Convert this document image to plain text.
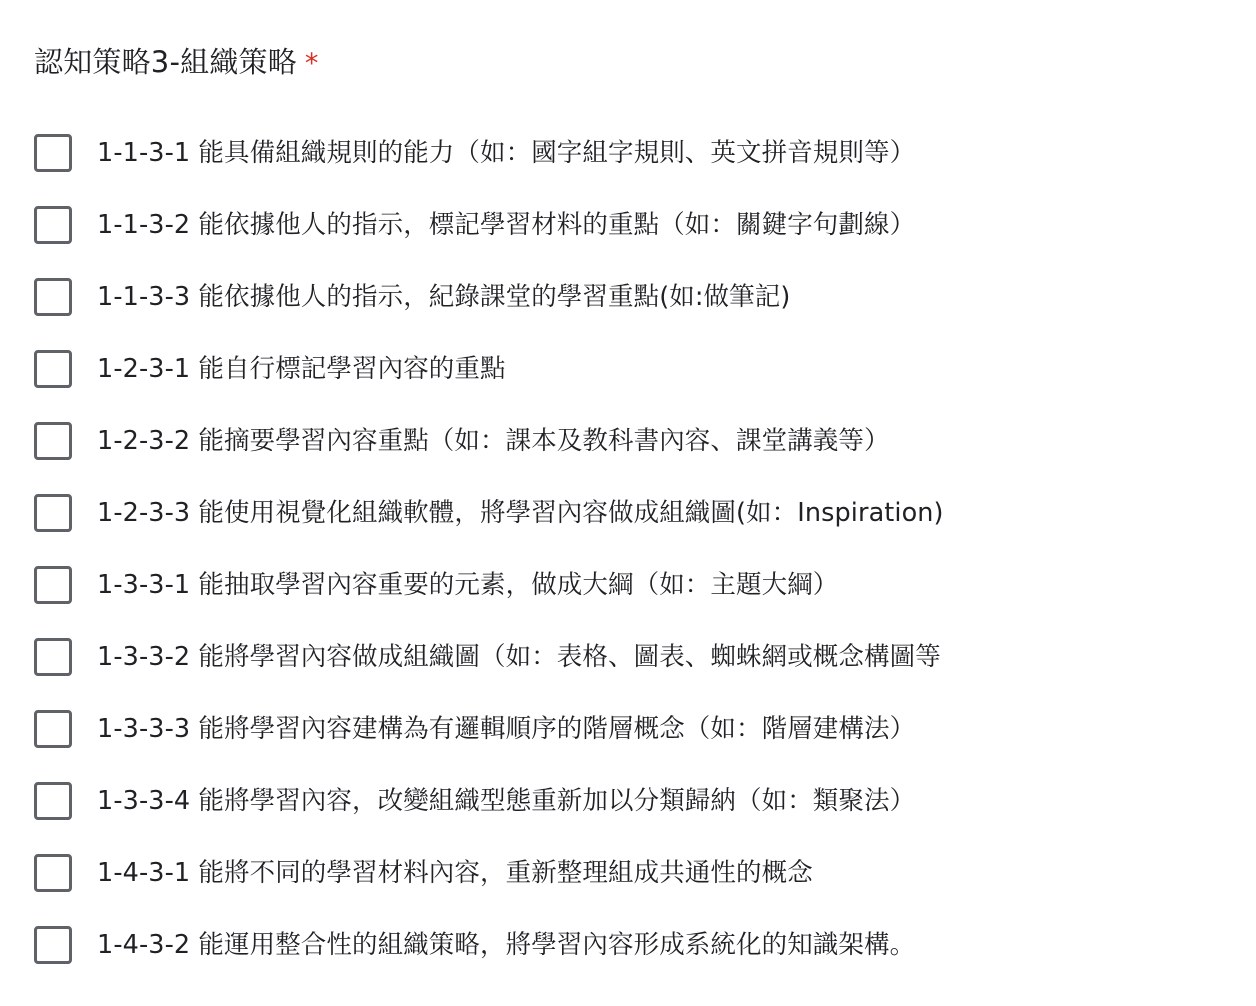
認知策略3-組織策略 *
1-1-3-1 能具備組織規則的能力（如：國字組字規則、英文拼音規則等）
1-1-3-2 能依據他人的指示，標記學習材料的重點（如：關鍵字句劃線）
1-1-3-3 能依據他人的指示，紀錄課堂的學習重點(如:做筆記)
1-2-3-1 能自行標記學習內容的重點
1-2-3-2 能摘要學習內容重點（如：課本及教科書內容、課堂講義等）
1-2-3-3 能使用視覺化組織軟體，將學習內容做成組織圖(如：Inspiration)
1-3-3-1 能抽取學習內容重要的元素，做成大綱（如：主題大綱）
1-3-3-2 能將學習內容做成組織圖（如：表格、圖表、蜘蛛網或概念構圖等
1-3-3-3 能將學習內容建構為有邏輯順序的階層概念（如：階層建構法）
1-3-3-4 能將學習內容，改變組織型態重新加以分類歸納（如：類聚法）
1-4-3-1 能將不同的學習材料內容，重新整理組成共通性的概念
1-4-3-2 能運用整合性的組織策略，將學習內容形成系統化的知識架構。
